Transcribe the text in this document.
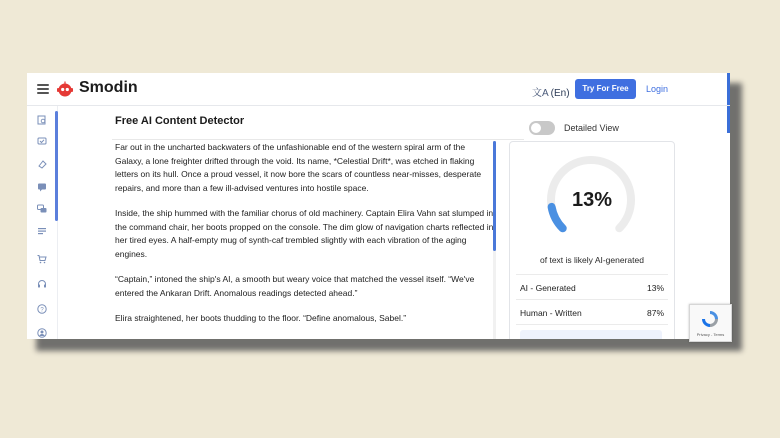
Smodin	文A (En)	Try For Free	Login
?
Free AI Content Detector

Far out in the uncharted backwaters of the unfashionable end of the western spiral arm of the Galaxy, a lone freighter drifted through the void. Its name, *Celestial Drift*, was etched in flaking letters on its hull. Once a proud vessel, it now bore the scars of countless near-misses, desperate repairs, and more than a few ill-advised ventures into hostile space.

Inside, the ship hummed with the familiar chorus of old machinery. Captain Elira Vahn sat slumped in the command chair, her boots propped on the console. The dim glow of navigation charts reflected in her tired eyes. A half-empty mug of synth-caf trembled slightly with each vibration of the aging engines.

“Captain,” intoned the ship's AI, a smooth but weary voice that matched the vessel itself. “We've entered the Ankaran Drift. Anomalous readings detected ahead.”

Elira straightened, her boots thudding to the floor. “Define anomalous, Sabel.”

Detailed View
13%
of text is likely AI-generated
AI - Generated	13%
Human - Written	87%
Privacy - Terms
